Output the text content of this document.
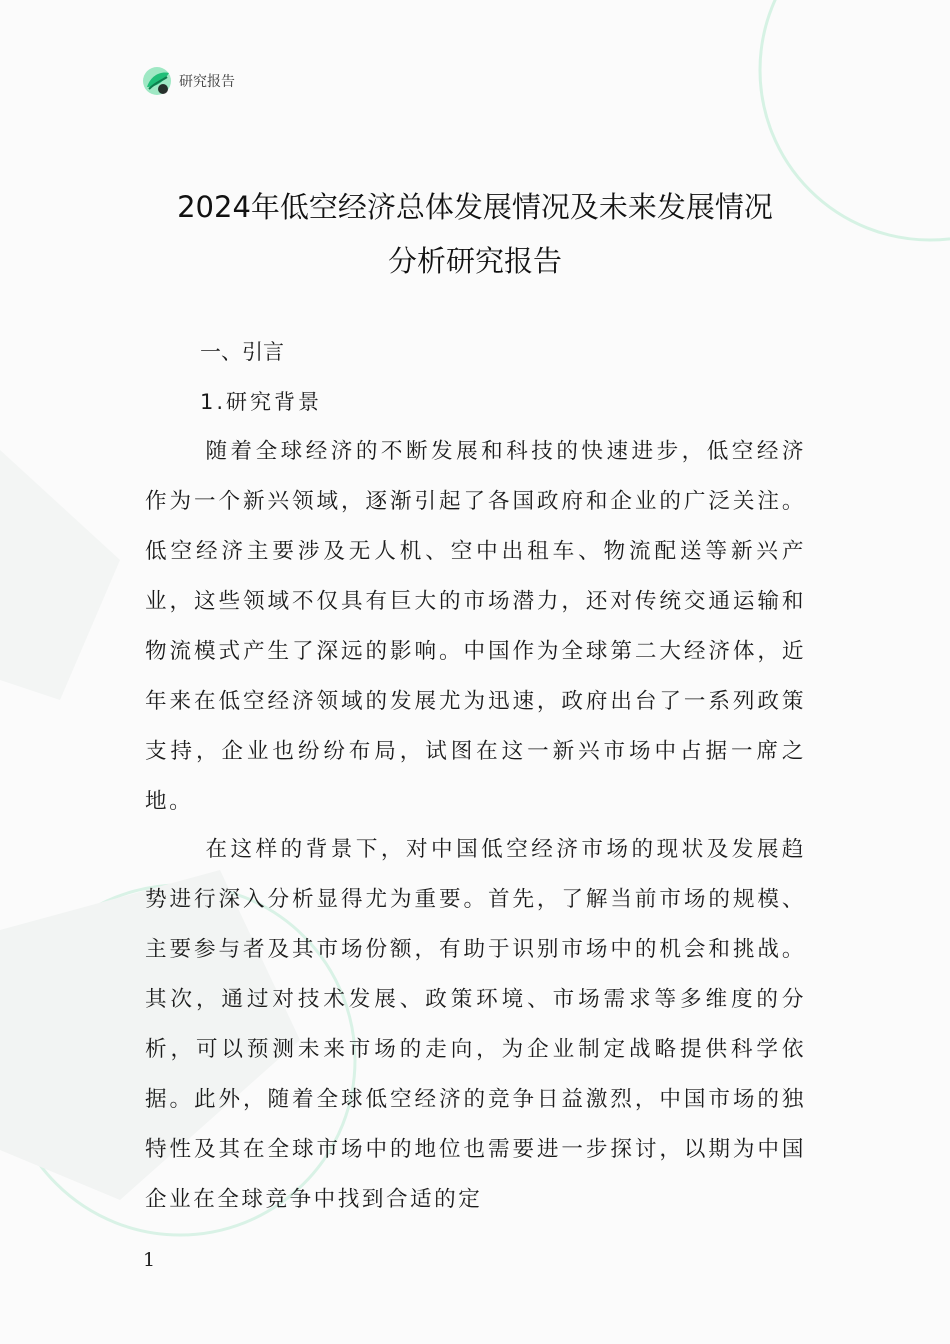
研究报告
2024年低空经济总体发展情况及未来发展情况
分析研究报告
一、引言
1.研究背景

随着全球经济的不断发展和科技的快速进步，低空经济作为一个新兴领域，逐渐引起了各国政府和企业的广泛关注。低空经济主要涉及无人机、空中出租车、物流配送等新兴产业，这些领域不仅具有巨大的市场潜力，还对传统交通运输和物流模式产生了深远的影响。中国作为全球第二大经济体，近年来在低空经济领域的发展尤为迅速，政府出台了一系列政策支持，企业也纷纷布局，试图在这一新兴市场中占据一席之地。

在这样的背景下，对中国低空经济市场的现状及发展趋势进行深入分析显得尤为重要。首先，了解当前市场的规模、主要参与者及其市场份额，有助于识别市场中的机会和挑战。其次，通过对技术发展、政策环境、市场需求等多维度的分析，可以预测未来市场的走向，为企业制定战略提供科学依据。此外，随着全球低空经济的竞争日益激烈，中国市场的独特性及其在全球市场中的地位也需要进一步探讨，以期为中国企业在全球竞争中找到合适的定

1
